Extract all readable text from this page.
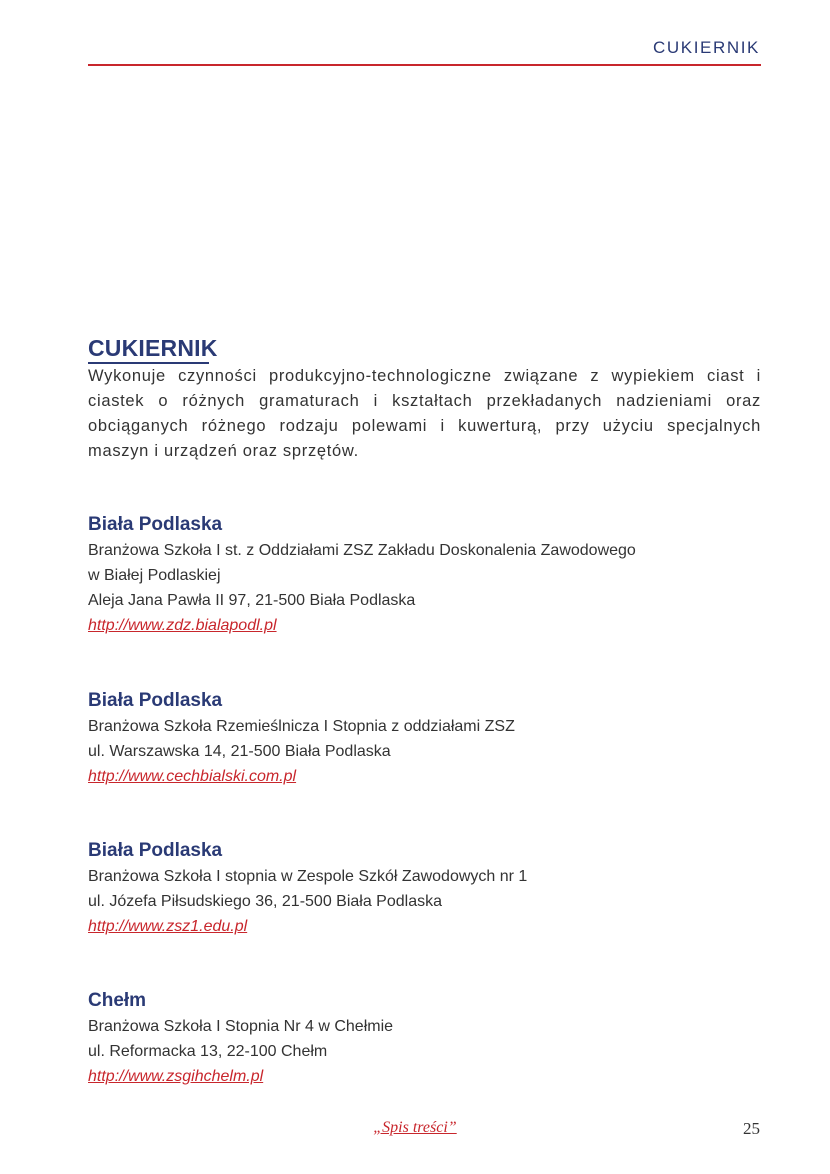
CUKIERNIK
CUKIERNIK
Wykonuje czynności produkcyjno-technologiczne związane z wypiekiem ciast i ciastek o różnych gramaturach i kształtach przekładanych nadzieniami oraz obciąganych różnego rodzaju polewami i kuwerturą, przy użyciu specjalnych maszyn i urządzeń oraz sprzętów.
Biała Podlaska
Branżowa Szkoła I st. z Oddziałami ZSZ Zakładu Doskonalenia Zawodowego
w Białej Podlaskiej
Aleja Jana Pawła II 97, 21-500 Biała Podlaska
http://www.zdz.bialapodl.pl
Biała Podlaska
Branżowa Szkoła Rzemieślnicza I Stopnia z oddziałami ZSZ
ul. Warszawska 14, 21-500 Biała Podlaska
http://www.cechbialski.com.pl
Biała Podlaska
Branżowa Szkoła I stopnia w Zespole Szkół Zawodowych nr 1
ul. Józefa Piłsudskiego 36, 21-500 Biała Podlaska
http://www.zsz1.edu.pl
Chełm
Branżowa Szkoła I Stopnia Nr 4 w Chełmie
ul. Reformacka 13, 22-100 Chełm
http://www.zsgihchelm.pl
„Spis treści”	25
